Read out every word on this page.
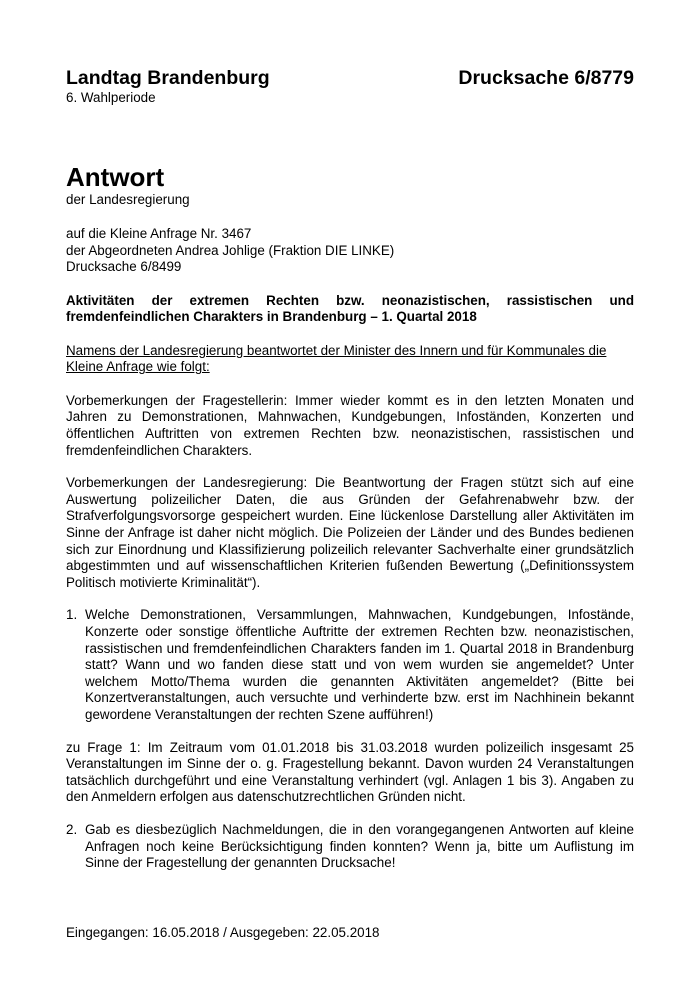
Landtag Brandenburg	Drucksache 6/8779
6. Wahlperiode
Antwort
der Landesregierung
auf die Kleine Anfrage Nr. 3467
der Abgeordneten Andrea Johlige (Fraktion DIE LINKE)
Drucksache 6/8499

Aktivitäten der extremen Rechten bzw. neonazistischen, rassistischen und fremdenfeindlichen Charakters in Brandenburg – 1. Quartal 2018

Namens der Landesregierung beantwortet der Minister des Innern und für Kommunales die Kleine Anfrage wie folgt:

Vorbemerkungen der Fragestellerin: Immer wieder kommt es in den letzten Monaten und Jahren zu Demonstrationen, Mahnwachen, Kundgebungen, Infoständen, Konzerten und öffentlichen Auftritten von extremen Rechten bzw. neonazistischen, rassistischen und fremdenfeindlichen Charakters.

Vorbemerkungen der Landesregierung: Die Beantwortung der Fragen stützt sich auf eine Auswertung polizeilicher Daten, die aus Gründen der Gefahrenabwehr bzw. der Strafverfolgungsvorsorge gespeichert wurden. Eine lückenlose Darstellung aller Aktivitäten im Sinne der Anfrage ist daher nicht möglich. Die Polizeien der Länder und des Bundes bedienen sich zur Einordnung und Klassifizierung polizeilich relevanter Sachverhalte einer grundsätzlich abgestimmten und auf wissenschaftlichen Kriterien fußenden Bewertung („Definitionssystem Politisch motivierte Kriminalität“).

1. Welche Demonstrationen, Versammlungen, Mahnwachen, Kundgebungen, Infostände, Konzerte oder sonstige öffentliche Auftritte der extremen Rechten bzw. neonazistischen, rassistischen und fremdenfeindlichen Charakters fanden im 1. Quartal 2018 in Brandenburg statt? Wann und wo fanden diese statt und von wem wurden sie angemeldet? Unter welchem Motto/Thema wurden die genannten Aktivitäten angemeldet? (Bitte bei Konzertveranstaltungen, auch versuchte und verhinderte bzw. erst im Nachhinein bekannt gewordene Veranstaltungen der rechten Szene aufführen!)

zu Frage 1: Im Zeitraum vom 01.01.2018 bis 31.03.2018 wurden polizeilich insgesamt 25 Veranstaltungen im Sinne der o. g. Fragestellung bekannt. Davon wurden 24 Veranstaltungen tatsächlich durchgeführt und eine Veranstaltung verhindert (vgl. Anlagen 1 bis 3). Angaben zu den Anmeldern erfolgen aus datenschutzrechtlichen Gründen nicht.

2. Gab es diesbezüglich Nachmeldungen, die in den vorangegangenen Antworten auf kleine Anfragen noch keine Berücksichtigung finden konnten? Wenn ja, bitte um Auflistung im Sinne der Fragestellung der genannten Drucksache!
Eingegangen: 16.05.2018 / Ausgegeben: 22.05.2018
